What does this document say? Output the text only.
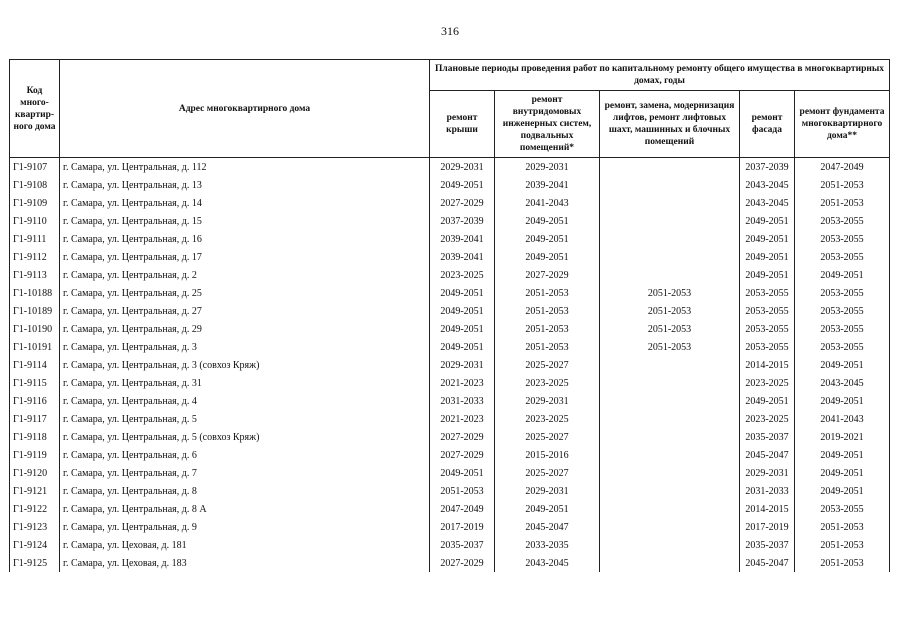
316
Код много-квартир-ного дома	Адрес многоквартирного дома	Плановые периоды проведения работ по капитальному ремонту общего имущества в многоквартирных домах, годы				
		ремонт крыши	ремонт внутридомовых инженерных систем, подвальных помещений*	ремонт, замена, модернизация лифтов, ремонт лифтовых шахт, машинных и блочных помещений	ремонт фасада	ремонт фундамента многоквартирного дома**
Г1-9107	г. Самара, ул. Центральная, д. 112	2029-2031	2029-2031		2037-2039	2047-2049
Г1-9108	г. Самара, ул. Центральная, д. 13	2049-2051	2039-2041		2043-2045	2051-2053
Г1-9109	г. Самара, ул. Центральная, д. 14	2027-2029	2041-2043		2043-2045	2051-2053
Г1-9110	г. Самара, ул. Центральная, д. 15	2037-2039	2049-2051		2049-2051	2053-2055
Г1-9111	г. Самара, ул. Центральная, д. 16	2039-2041	2049-2051		2049-2051	2053-2055
Г1-9112	г. Самара, ул. Центральная, д. 17	2039-2041	2049-2051		2049-2051	2053-2055
Г1-9113	г. Самара, ул. Центральная, д. 2	2023-2025	2027-2029		2049-2051	2049-2051
Г1-10188	г. Самара, ул. Центральная, д. 25	2049-2051	2051-2053	2051-2053	2053-2055	2053-2055
Г1-10189	г. Самара, ул. Центральная, д. 27	2049-2051	2051-2053	2051-2053	2053-2055	2053-2055
Г1-10190	г. Самара, ул. Центральная, д. 29	2049-2051	2051-2053	2051-2053	2053-2055	2053-2055
Г1-10191	г. Самара, ул. Центральная, д. 3	2049-2051	2051-2053	2051-2053	2053-2055	2053-2055
Г1-9114	г. Самара, ул. Центральная, д. 3 (совхоз Кряж)	2029-2031	2025-2027		2014-2015	2049-2051
Г1-9115	г. Самара, ул. Центральная, д. 31	2021-2023	2023-2025		2023-2025	2043-2045
Г1-9116	г. Самара, ул. Центральная, д. 4	2031-2033	2029-2031		2049-2051	2049-2051
Г1-9117	г. Самара, ул. Центральная, д. 5	2021-2023	2023-2025		2023-2025	2041-2043
Г1-9118	г. Самара, ул. Центральная, д. 5 (совхоз Кряж)	2027-2029	2025-2027		2035-2037	2019-2021
Г1-9119	г. Самара, ул. Центральная, д. 6	2027-2029	2015-2016		2045-2047	2049-2051
Г1-9120	г. Самара, ул. Центральная, д. 7	2049-2051	2025-2027		2029-2031	2049-2051
Г1-9121	г. Самара, ул. Центральная, д. 8	2051-2053	2029-2031		2031-2033	2049-2051
Г1-9122	г. Самара, ул. Центральная, д. 8 А	2047-2049	2049-2051		2014-2015	2053-2055
Г1-9123	г. Самара, ул. Центральная, д. 9	2017-2019	2045-2047		2017-2019	2051-2053
Г1-9124	г. Самара, ул. Цеховая, д. 181	2035-2037	2033-2035		2035-2037	2051-2053
Г1-9125	г. Самара, ул. Цеховая, д. 183	2027-2029	2043-2045		2045-2047	2051-2053
